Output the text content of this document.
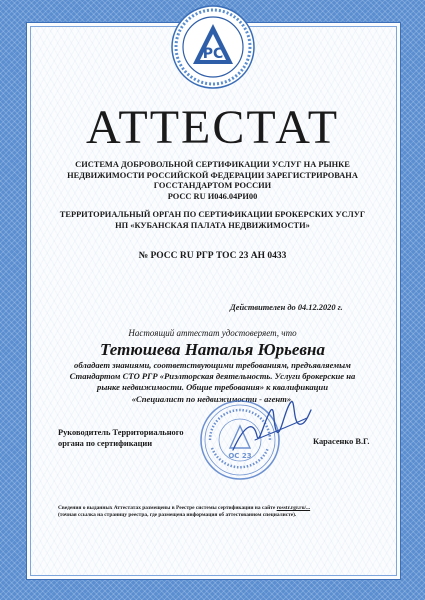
РС
АТТЕСТАТ
СИСТЕМА ДОБРОВОЛЬНОЙ СЕРТИФИКАЦИИ УСЛУГ НА РЫНКЕ
НЕДВИЖИМОСТИ РОССИЙСКОЙ ФЕДЕРАЦИИ ЗАРЕГИСТРИРОВАНА
ГОССТАНДАРТОМ РОССИИ
РОСС RU И046.04РИ00
ТЕРРИТОРИАЛЬНЫЙ ОРГАН ПО СЕРТИФИКАЦИИ БРОКЕРСКИХ УСЛУГ
НП «КУБАНСКАЯ ПАЛАТА НЕДВИЖИМОСТИ»
№ РОСС RU РГР ТОС 23 АН 0433
Действителен до 04.12.2020 г.
Настоящий аттестат удостоверяет, что
Тетюшева Наталья Юрьевна
обладает знаниями, соответствующими требованиям, предъявляемым
Стандартом СТО РГР «Риэлторская деятельность. Услуги брокерские на
рынке недвижимости. Общие требования» к квалификации
«Специалист по недвижимости - агент».
Руководитель Территориального
органа по сертификации
ОС 23
Карасенко В.Г.
Сведения о выданных Аттестатах размещены в Реестре системы сертификации на сайте rosstr.rgr.ru/...
(точная ссылка на страницу реестра, где размещена информация об аттестованном специалисте).
